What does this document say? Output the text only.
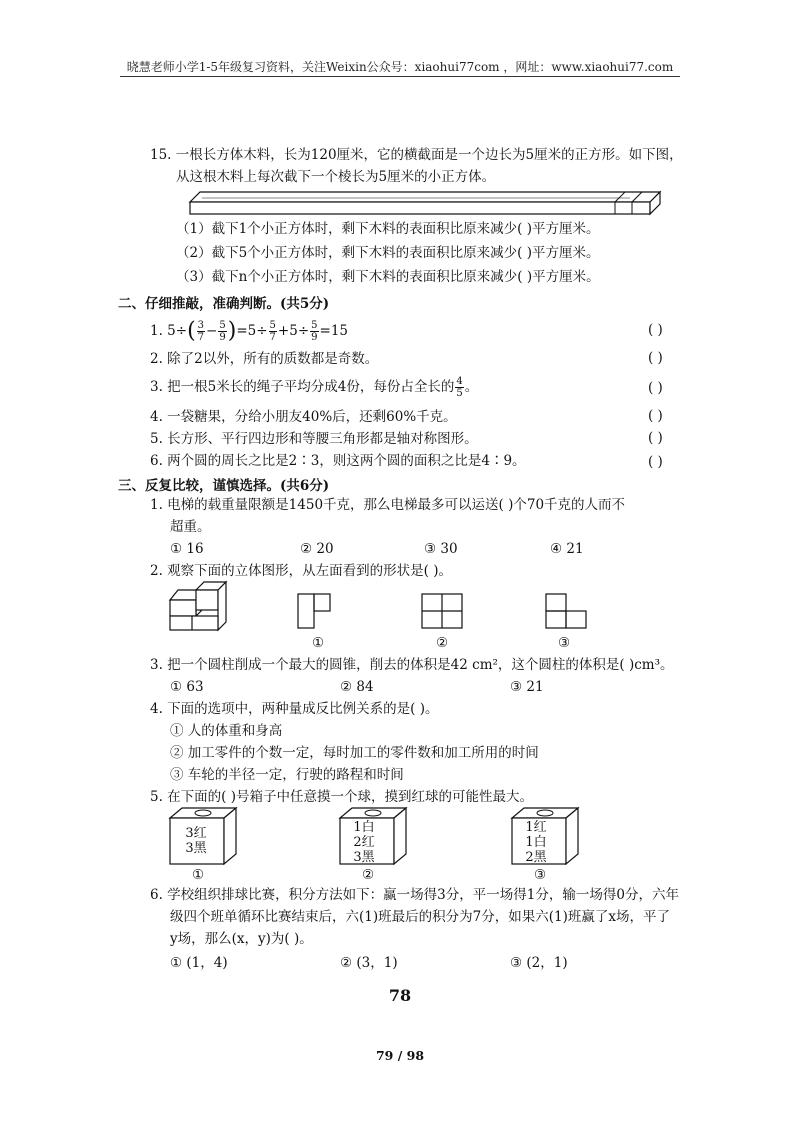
晓慧老师小学1-5年级复习资料，关注Weixin公众号：xiaohui77com ，网址：www.xiaohui77.com
15. 一根长方体木料，长为120厘米，它的横截面是一个边长为5厘米的正方形。如下图，
从这根木料上每次截下一个棱长为5厘米的小正方体。
（1）截下1个小正方体时，剩下木料的表面积比原来减少( )平方厘米。
（2）截下5个小正方体时，剩下木料的表面积比原来减少( )平方厘米。
（3）截下n个小正方体时，剩下木料的表面积比原来减少( )平方厘米。
二、仔细推敲，准确判断。(共5分)
1. $5\div( \frac{3}{7} - \frac{5}{9} )=5\div \frac{5}{7} +5\div \frac{5}{9} =15$	( )
2. 除了2以外，所有的质数都是奇数。	( )
3. 把一根5米长的绳子平均分成4份，每份占全长的 $\frac{4}{5}$ 。	( )
4. 一袋糖果，分给小朋友40%后，还剩60%千克。	( )
5. 长方形、平行四边形和等腰三角形都是轴对称图形。	( )
6. 两个圆的周长之比是2∶3，则这两个圆的面积之比是4∶9。	( )
三、反复比较，谨慎选择。(共6分)
1. 电梯的载重量限额是1450千克，那么电梯最多可以运送( )个70千克的人而不
超重。
① 16	② 20	③ 30	④ 21
2. 观察下面的立体图形，从左面看到的形状是( )。
①	②	③
3. 把一个圆柱削成一个最大的圆锥，削去的体积是42 cm²，这个圆柱的体积是( )cm³。
① 63	② 84	③ 21
4. 下面的选项中，两种量成反比例关系的是( )。
① 人的体重和身高
② 加工零件的个数一定，每时加工的零件数和加工所用的时间
③ 车轮的半径一定，行驶的路程和时间
5. 在下面的( )号箱子中任意摸一个球，摸到红球的可能性最大。
3红
3黑
①
1白
2红
3黑
②
1红
1白
2黑
③
6. 学校组织排球比赛，积分方法如下：赢一场得3分，平一场得1分，输一场得0分，六年
级四个班单循环比赛结束后，六(1)班最后的积分为7分，如果六(1)班赢了x场，平了
y场，那么(x，y)为( )。
① (1，4)	② (3，1)	③ (2，1)
78
79 / 98
